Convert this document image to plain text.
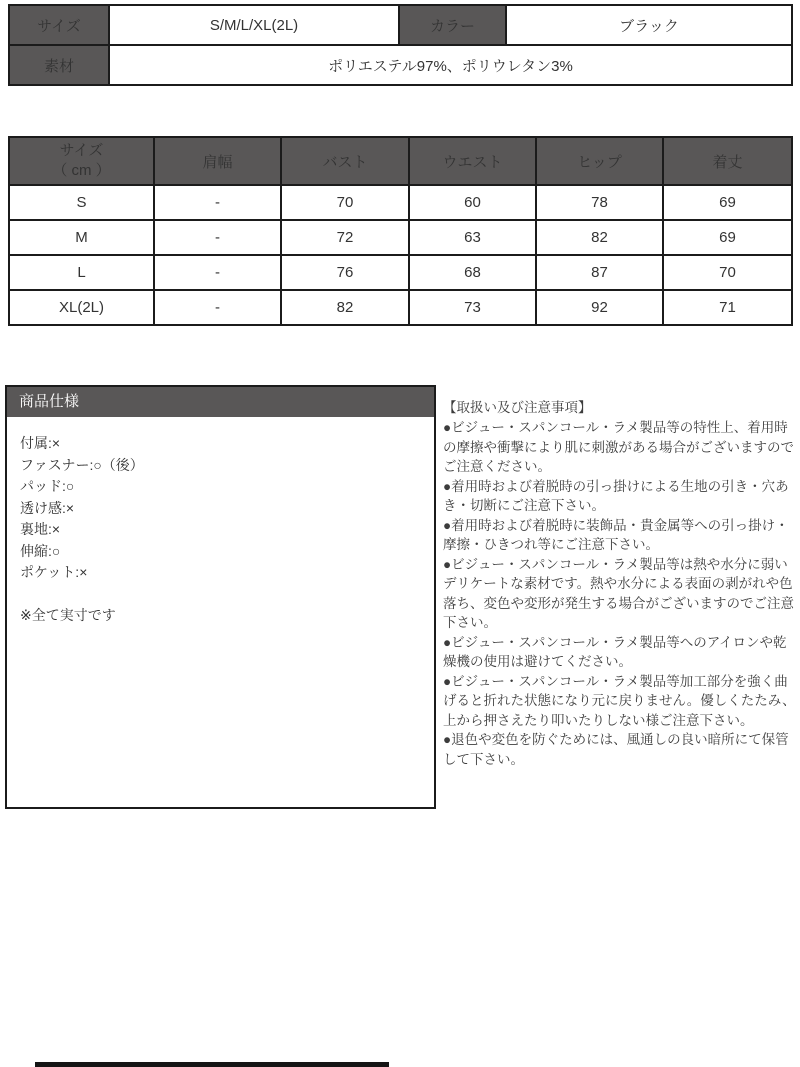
サイズ	S/M/L/XL(2L)	カラー	ブラック
素材	ポリエステル97%、ポリウレタン3%		
サイズ
（ cm ）	肩幅	バスト	ウエスト	ヒップ	着丈
S	-	70	60	78	69
M	-	72	63	82	69
L	-	76	68	87	70
XL(2L)	-	82	73	92	71
商品仕様
付属:×
ファスナー:○（後）
パッド:○
透け感:×
裏地:×
伸縮:○
ポケット:×
※全て実寸です
【取扱い及び注意事項】
●ビジュー・スパンコール・ラメ製品等の特性上、着用時の摩擦や衝撃により肌に刺激がある場合がございますのでご注意ください。
●着用時および着脱時の引っ掛けによる生地の引き・穴あき・切断にご注意下さい。
●着用時および着脱時に装飾品・貴金属等への引っ掛け・摩擦・ひきつれ等にご注意下さい。
●ビジュー・スパンコール・ラメ製品等は熱や水分に弱いデリケートな素材です。熱や水分による表面の剥がれや色落ち、変色や変形が発生する場合がございますのでご注意下さい。
●ビジュー・スパンコール・ラメ製品等へのアイロンや乾燥機の使用は避けてください。
●ビジュー・スパンコール・ラメ製品等加工部分を強く曲げると折れた状態になり元に戻りません。優しくたたみ、上から押さえたり叩いたりしない様ご注意下さい。
●退色や変色を防ぐためには、風通しの良い暗所にて保管して下さい。
